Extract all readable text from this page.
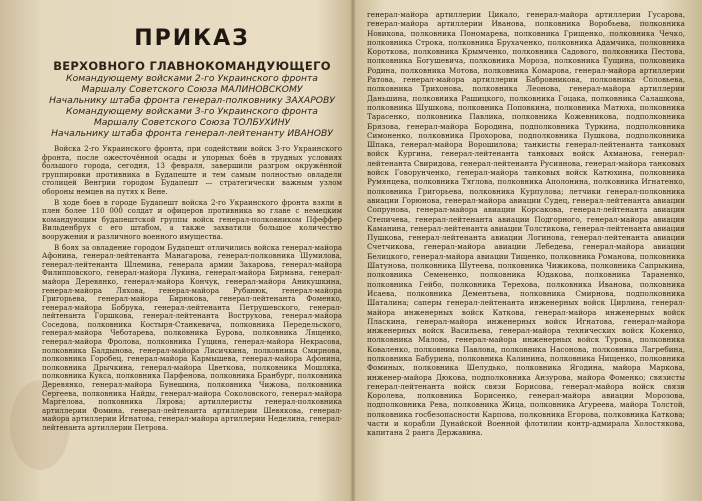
ПРИКАЗ
ВЕРХОВНОГО ГЛАВНОКОМАНДУЮЩЕГО
Командующему войсками 2-го Украинского фронта
Маршалу Советского Союза МАЛИНОВСКОМУ
Начальнику штаба фронта генерал-полковнику ЗАХАРОВУ
Командующему войсками 3-го Украинского фронта
Маршалу Советского Союза ТОЛБУХИНУ
Начальнику штаба фронта генерал-лейтенанту ИВАНОВУ

Войска 2-го Украинского фронта, при содействии войск 3-го Украинского фронта, после ожесточённой осады и упорных боёв в трудных условиях большого города, сегодня, 13 февраля, завершили разгром окружённой группировки противника в Будапеште и тем самым полностью овладели столицей Венгрии городом Будапешт — стратегически важным узлом обороны немцев на путях к Вене.

В ходе боев в городе Будапешт войска 2-го Украинского фронта взяли в плен более 110 000 солдат и офицеров противника во главе с немецким командующим будапештской группы войск генерал-полковником Пфеффер Вильденбрух с его штабом, а также захватили большое количество вооружения и различного военного имущества.

В боях за овладение городом Будапешт отличились войска генерал-майора Афонина, генерал-лейтенанта Манагарова, генерал-полковника Шумилова, генерал-лейтенанта Шлемина, генерала армии Захарова, генерал-майора Филипповского, генерал-майора Лукина, генерал-майора Бирмана, генерал-майора Деревянко, генерал-майора Кончук, генерал-майора Аникушкина, генерал-майора Ляхова, генерал-майора Рубанюк, генерал-майора Григорьева, генерал-майора Бирюкова, генерал-лейтенанта Фоменко, генерал-майора Бобрука, генерал-лейтенанта Петрушевского, генерал-лейтенанта Горшкова, генерал-лейтенанта Вострухова, генерал-майора Соседова, полковника Костыря-Станкевича, полковника Передельского, генерал-майора Чеботарева, полковника Бурова, полковника Лященко, генерал-майора Фролова, полковника Гущина, генерал-майора Некрасова, полковника Балдынова, генерал-майора Лисичкина, полковника Смирнова, полковника Горобец, генерал-майора Кармышева, генерал-майора Афонина, полковника Дрычкина, генерал-майора Цветкова, полковника Мошляка, полковника Кукса, полковника Парфенова, полковника Бранбург, полковника Деревянко, генерал-майора Бунешина, полковника Чижова, полковника Сергеева, полковника Найды, генерал-майора Соколовского, генерал-майора Маргелова, полковника Лярова; артиллеристы генерал-полковника артиллерии Фомина, генерал-лейтенанта артиллерии Шевякова, генерал-майора артиллерии Игнатова, генерал-майора артиллерии Неделина, генерал-лейтенанта артиллерии Петрова.

генерал-майора артиллерии Цикало, генерал-майора артиллерии Гусарова, генерал-майора артиллерии Иванова, полковника Воробьева, полковника Новикова, полковника Пономарева, полковника Грищенко, полковника Чечко, полковника Строка, полковника Брухаченко, полковника Адамчика, полковника Короткова, полковника Крымченко, полковника Садового, полковника Пестова, полковника Богушевича, полковника Мороза, полковника Гущина, полковника Родина, полковника Мотова, полковника Комарова, генерал-майора артиллерии Ратова, генерал-майора артиллерии Бабровникова, полковника Соловьева, полковника Трихонова, полковника Леонова, генерал-майора артиллерии Даньшина, полковника Рашицкого, полковника Гоцака, полковника Салашкова, полковника Шушкова, полковника Поповкина, полковника Матюха, полковника Тарасенко, полковника Павлика, полковника Кожевникова, подполковника Брязова, генерал-майора Бородина, подполковника Туркина, подполковника Симоненко, полковника Прохорова, подполковника Пушкова, подполковника Шпака, генерал-майора Ворошилова; танкисты генерал-лейтенанта танковых войск Кургина, генерал-лейтенанта танковых войск Ахманова, генерал-лейтенанта Свиридова, генерал-лейтенанта Русиянова, генерал-майора танковых войск Говорунченко, генерал-майора танковых войск Катюхина, полковника Румянцева, полковника Тяглова, полковника Аполонина, полковника Игнатенко, полковника Григорьева, полковника Курпулова; летчики генерал-полковника авиации Горюнова, генерал-майора авиации Судец, генерал-лейтенанта авиации Сопрунова, генерал-майора авиации Корсакова, генерал-лейтенанта авиации Степичева, генерал-лейтенанта авиации Подгорного, генерал-майора авиации Каманина, генерал-лейтенанта авиации Толстикова, генерал-лейтенанта авиации Пушкова, генерал-лейтенанта авиации Логинова, генерал-лейтенанта авиации Счетчикова, генерал-майора авиации Лебедева, генерал-майора авиации Белицкого, генерал-майора авиации Тищенко, полковника Романова, полковника Шатунова, полковника Шутеева, полковника Чижикова, полковника Сапрыкина, полковника Семененко, полковника Юдакова, полковника Тараненко, полковника Гейбо, полковника Терехова, полковника Иванова, полковника Исаева, полковника Дементьева, полковника Смирнова, подполковника Шаталина; саперы генерал-лейтенанта инженерных войск Цирлина, генерал-майора инженерных войск Каткова, генерал-майора инженерных войск Пласкина, генерал-майора инженерных войск Игнатова, генерал-майора инженерных войск Васильева, генерал-майора технических войск Кокенко, полковника Малова, генерал-майора инженерных войск Турова, полковника Коваленко, полковника Павлова, полковника Насонова, полковника Лагребина, полковника Бабурина, полковника Калинина, полковника Нищенко, полковника Фоминых, полковника Шелудько, полковника Ягодина, майора Маркова, инженер-майора Дюкова, подполковника Анзурова, майора Фоменко; связисты генерал-лейтенанта войск связи Борисова, генерал-майора войск связи Королева, полковника Борисенко, генерал-майора авиации Морозова, подполковника Рева, полковника Жица, полковника Агуреева, майора Толстой, полковника госбезопасности Карпова, полковника Егорова, полковника Каткова; части и корабли Дунайской Военной флотилии контр-адмирала Холостякова, капитана 2 ранга Державина.
